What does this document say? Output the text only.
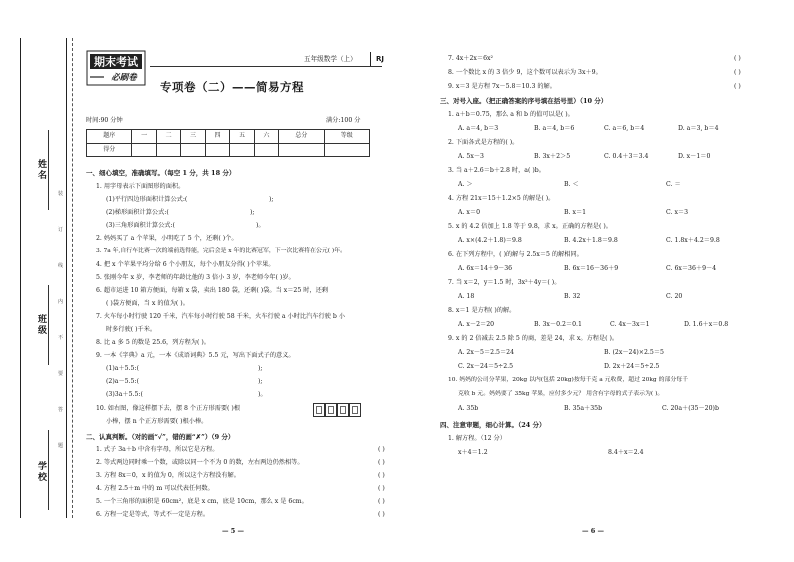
姓名
班级
学校
装
订
线
内
不
要
答
题
期末考试
必刷卷
五年级数学（上）	RJ
专项卷（二）——简易方程
时间:90 分钟	满分:100 分
题序	一	二	三	四	五	六	总分	等级
得分								
一、细心填空，准确填写。（每空 1 分，共 18 分）
1. 用字母表示下面图形的面积。
(1)平行四边形面积计算公式:(	);
(2)梯形面积计算公式:(	);
(3)三角形面积计算公式:(	)。
2. 妈妈买了 a 个苹果，小明吃了 5 个，还剩( )个。
3. 7a 年,自行车比赛一次的端前选得能，完后会是 x 年的比赛冠军，下一次比赛将在公元( )年。
4. 把 x 个苹果平均分给 6 个小朋友，每个小朋友分得( )个苹果。
5. 张刚今年 x 岁，李老师的年龄比他的 3 倍小 3 岁，李老师今年( )岁。
6. 超市运进 10 箱方便面，每箱 x 袋，卖出 180 袋，还剩( )袋。当 x＝25 时，还剩
( )袋方便面，当 x 的值为( )。
7. 火车每小时行驶 120 千米，汽车每小时行驶 58 千米，火车行驶 a 小时比汽车行驶 b 小
时多行驶( )千米。
8. 比 a 多 5 的数是 25.6，列方程为( )。
9. 一本《字典》a 元，一本《成语词典》5.5 元，写出下面式子的意义。
(1)a＋5.5:(	);
(2)a－5.5:(	);
(3)3a＋5.5:(	)。
10. 如右图，像这样摆下去，摆 8 个正方形需要( )根
小棒，摆 n 个正方形需要( )根小棒。
二、认真判断。（对的画“✓”，错的画“✗”）（9 分）
1. 式子 3a＋b 中含有字母，所以它是方程。	( )
2. 等式两边同时乘一个数，或除以同一个不为 0 的数，左右两边仍然相等。	( )
3. 方程 8x＝0，x 的值为 0，所以这个方程没有解。	( )
4. 方程 2.5＋m 中的 m 可以代表任何数。	( )
5. 一个三角形的面积是 60cm²，底是 x cm，底是 10cm，那么 x 是 6cm。	( )
6. 方程一定是等式，等式不一定是方程。	( )
— 5 —
7. 4x＋2x＝6x²	( )
8. 一个数比 x 的 3 倍少 9，这个数可以表示为 3x＋9。	( )
9. x＝3 是方程 7x－5.8＝10.3 的解。	( )
三、对号入座。（把正确答案的序号填在括号里）（10 分）
1. a＋b＝0.75，那么 a 和 b 的值可以是( )。
A. a＝4, b＝3	B. a＝4, b＝6	C. a＝6, b＝4	D. a＝3, b＝4
2. 下面各式是方程的( )。
A. 5x－3	B. 3x＋2＞5	C. 0.4＋3＝3.4	D. x－1＝0
3. 当 a＋2.6＝b＋2.8 时，a( )b。
A. ＞	B. ＜	C. ＝
4. 方程 21x＝15＋1.2×5 的解是( )。
A. x＝0	B. x＝1	C. x＝3
5. x 的 4.2 倍加上 1.8 等于 9.8，求 x。正确的方程是( )。
A. x×(4.2＋1.8)＝9.8	B. 4.2x＋1.8＝9.8	C. 1.8x＋4.2＝9.8
6. 在下列方程中，( )的解与 2.5x＝5 的解相同。
A. 6x＝14＋9－36	B. 6x＝16－36＋9	C. 6x＝36＋9－4
7. 当 x＝2，y＝1.5 时，3x²＋4y＝( )。
A. 18	B. 32	C. 20
8. x＝1 是方程( )的解。
A. x－2＝20	B. 3x－0.2＝0.1	C. 4x－3x＝1	D. 1.6＋x＝0.8
9. x 的 2 倍减去 2.5 除 5 的商，差是 24，求 x。方程是( )。
A. 2x－5＝2.5＝24	B. (2x－24)×2.5＝5
C. 2x－24＝5÷2.5	D. 2x＋24＝5÷2.5
10. 妈妈的公司分苹果，20kg 以内(包括 20kg)按每千克 a 元收费，超过 20kg 的部分每千
克收 b 元。妈妈要了 35kg 苹果，应付多少元？ 用含有字母的式子表示为( )。
A. 35b	B. 35a＋35b	C. 20a＋(35－20)b
四、注意审题，细心计算。（24 分）
1. 解方程。（12 分）
x＋4＝1.2	8.4＋x＝2.4
— 6 —
